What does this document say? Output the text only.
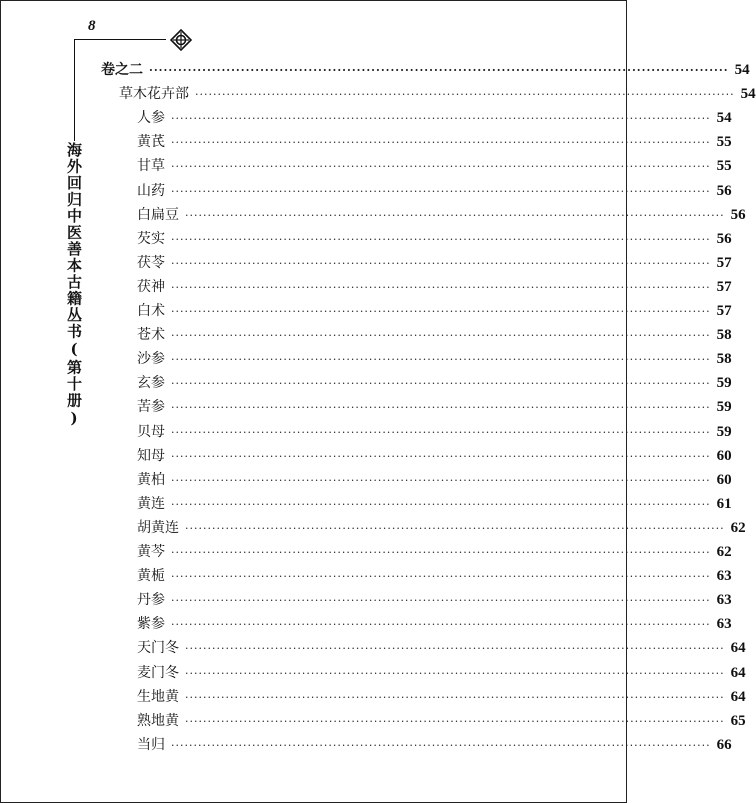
8
海外回归中医善本古籍丛书(第十册)
卷之二 ························································································································ 54
草木花卉部 ························································································································ 54
人参 ························································································································ 54
黄芪 ························································································································ 55
甘草 ························································································································ 55
山药 ························································································································ 56
白扁豆 ························································································································ 56
芡实 ························································································································ 56
茯苓 ························································································································ 57
茯神 ························································································································ 57
白术 ························································································································ 57
苍术 ························································································································ 58
沙参 ························································································································ 58
玄参 ························································································································ 59
苦参 ························································································································ 59
贝母 ························································································································ 59
知母 ························································································································ 60
黄柏 ························································································································ 60
黄连 ························································································································ 61
胡黄连 ························································································································ 62
黄芩 ························································································································ 62
黄栀 ························································································································ 63
丹参 ························································································································ 63
紫参 ························································································································ 63
天门冬 ························································································································ 64
麦门冬 ························································································································ 64
生地黄 ························································································································ 64
熟地黄 ························································································································ 65
当归 ························································································································ 66
